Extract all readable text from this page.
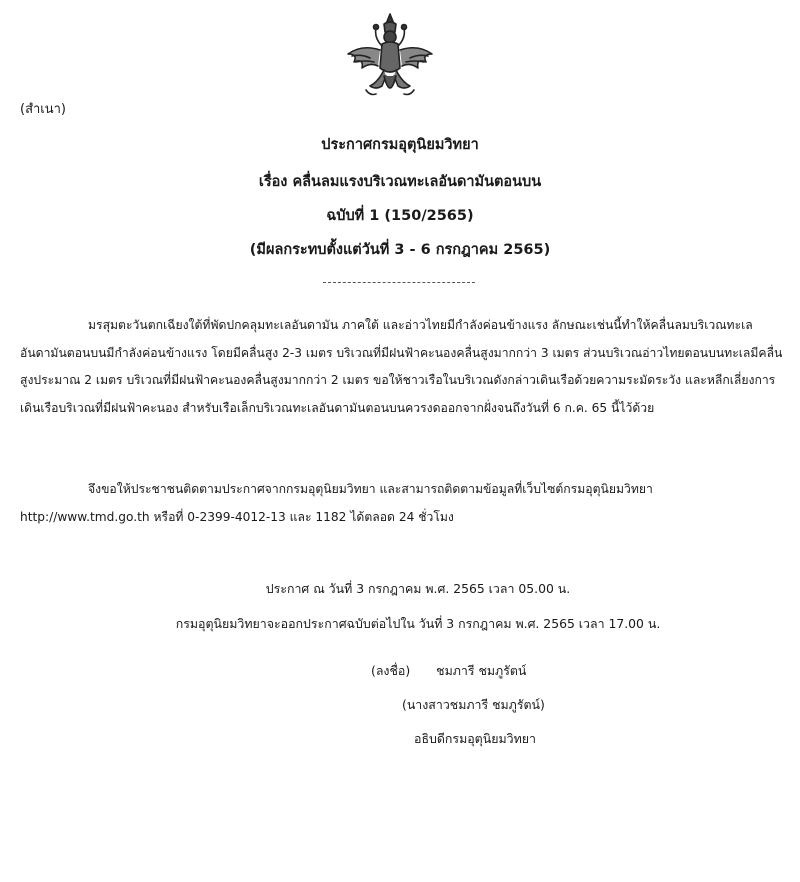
(สำเนา)
ประกาศกรมอุตุนิยมวิทยา
เรื่อง คลื่นลมแรงบริเวณทะเลอันดามันตอนบน
ฉบับที่ 1 (150/2565)
(มีผลกระทบตั้งแต่วันที่ 3 - 6 กรกฎาคม 2565)
มรสุมตะวันตกเฉียงใต้ที่พัดปกคลุมทะเลอันดามัน ภาคใต้ และอ่าวไทยมีกำลังค่อนข้างแรง ลักษณะเช่นนี้ทำให้คลื่นลมบริเวณทะเลอันดามันตอนบนมีกำลังค่อนข้างแรง โดยมีคลื่นสูง 2-3 เมตร บริเวณที่มีฝนฟ้าคะนองคลื่นสูงมากกว่า 3 เมตร ส่วนบริเวณอ่าวไทยตอนบนทะเลมีคลื่นสูงประมาณ 2 เมตร บริเวณที่มีฝนฟ้าคะนองคลื่นสูงมากกว่า 2 เมตร ขอให้ชาวเรือในบริเวณดังกล่าวเดินเรือด้วยความระมัดระวัง และหลีกเลี่ยงการเดินเรือบริเวณที่มีฝนฟ้าคะนอง สำหรับเรือเล็กบริเวณทะเลอันดามันตอนบนควรงดออกจากฝั่งจนถึงวันที่ 6 ก.ค. 65 นี้ไว้ด้วย
จึงขอให้ประชาชนติดตามประกาศจากกรมอุตุนิยมวิทยา และสามารถติดตามข้อมูลที่เว็บไซต์กรมอุตุนิยมวิทยา http://www.tmd.go.th หรือที่ 0-2399-4012-13 และ 1182 ได้ตลอด 24 ชั่วโมง
ประกาศ ณ วันที่ 3 กรกฎาคม พ.ศ. 2565 เวลา 05.00 น.
กรมอุตุนิยมวิทยาจะออกประกาศฉบับต่อไปใน วันที่ 3 กรกฎาคม พ.ศ. 2565 เวลา 17.00 น.
(ลงชื่อ) ชมภารี ชมภูรัตน์
(นางสาวชมภารี ชมภูรัตน์)
อธิบดีกรมอุตุนิยมวิทยา
